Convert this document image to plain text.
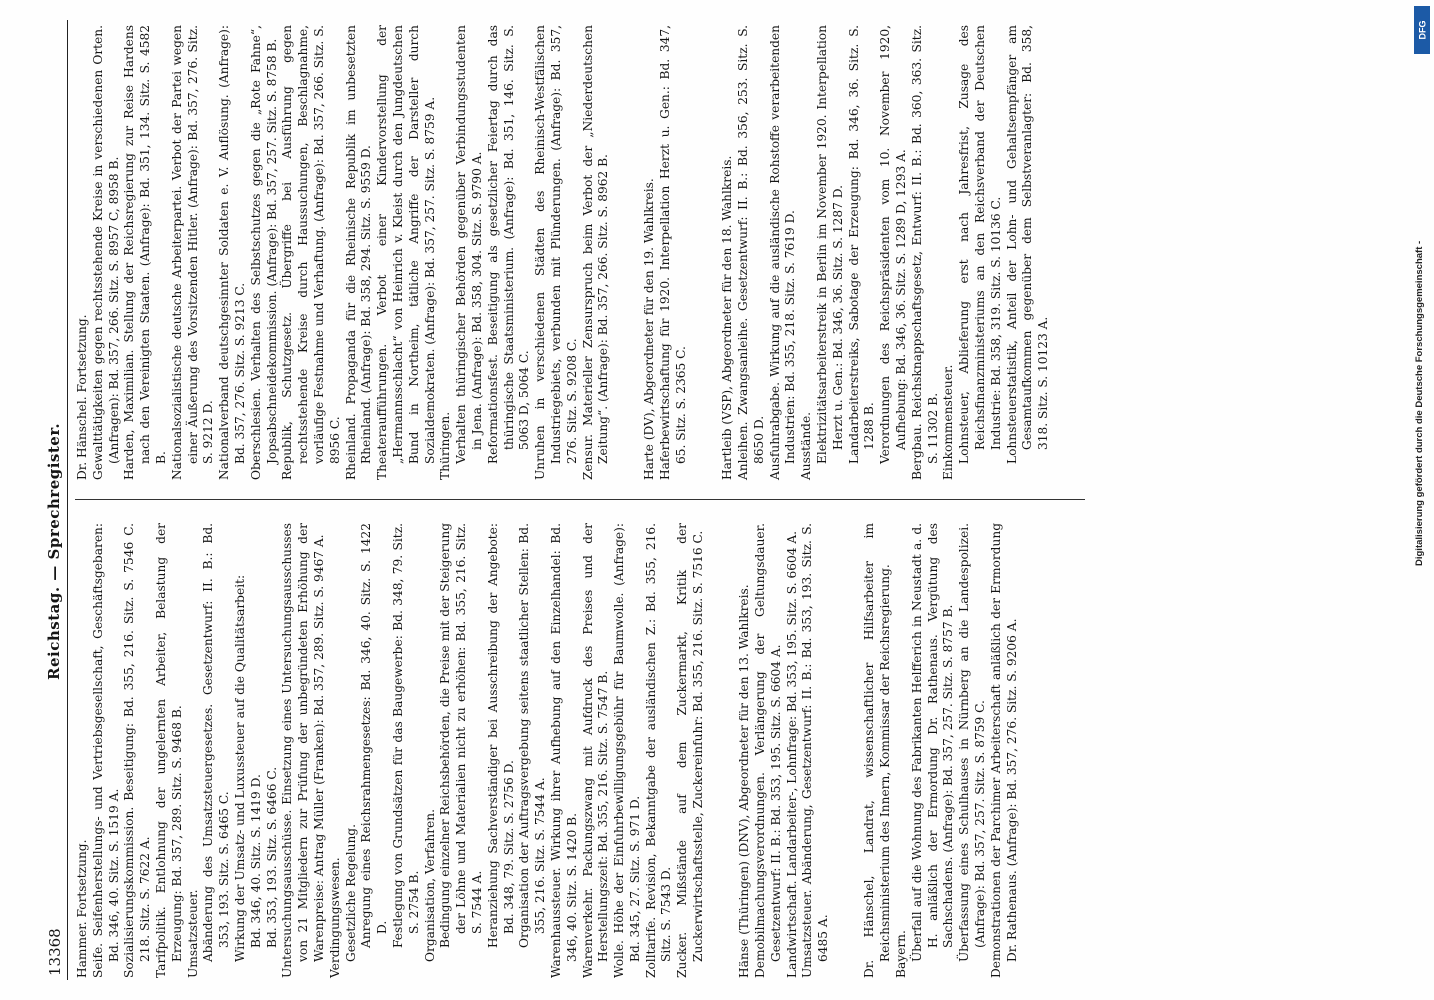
13368
Reichstag. — Sprechregister.

Hammer. Fortsetzung. Seife. Seifenherstellungs- und Vertriebsgesellschaft, Geschäftsgebaren: Bd. 346, 40. Sitz. S. 1519 A. Sozialisierungskommission. Beseitigung: Bd. 355, 216. Sitz. S. 7546 C. 218. Sitz. S. 7622 A. Tarifpolitik. Entlohnung der ungelernten Arbeiter, Belastung der Erzeugung: Bd. 357, 289. Sitz. S. 9468 B. Umsatzsteuer. Abänderung des Umsatzsteuergesetzes. Gesetzentwurf: II. B.: Bd. 353, 193. Sitz. S. 6465 C. Wirkung der Umsatz- und Luxussteuer auf die Qualitätsarbeit: Bd. 346, 40. Sitz. S. 1419 D. Bd. 353, 193. Sitz. S. 6466 C. Untersuchungsausschüsse. Einsetzung eines Untersuchungsausschusses von 21 Mitgliedern zur Prüfung der unbegründeten Erhöhung der Warenpreise: Antrag Müller (Franken): Bd. 357, 289. Sitz. S. 9467 A. Verdingungswesen. Gesetzliche Regelung. Anregung eines Reichsrahmengesetzes: Bd. 346, 40. Sitz. S. 1422 D. Festlegung von Grundsätzen für das Baugewerbe: Bd. 348, 79. Sitz. S. 2754 B. Organisation, Verfahren. Bedingung einzelner Reichsbehörden, die Preise mit der Steigerung der Löhne und Materialien nicht zu erhöhen: Bd. 355, 216. Sitz. S. 7544 A. Heranziehung Sachverständiger bei Ausschreibung der Angebote: Bd. 348, 79. Sitz. S. 2756 D. Organisation der Auftragsvergebung seitens staatlicher Stellen: Bd. 355, 216. Sitz. S. 7544 A. Warenhaussteuer. Wirkung ihrer Aufhebung auf den Einzelhandel: Bd. 346, 40. Sitz. S. 1420 B. Warenverkehr. Packungszwang mit Aufdruck des Preises und der Herstellungszeit: Bd. 355, 216. Sitz. S. 7547 B. Wolle. Höhe der Einfuhrbewilligungsgebühr für Baumwolle. (Anfrage): Bd. 345, 27. Sitz. S. 971 D. Zolltarife. Revision, Bekanntgabe der ausländischen Z.: Bd. 355, 216. Sitz. S. 7543 D. Zucker. Mißstände auf dem Zuckermarkt, Kritik der Zuckerwirtschaftsstelle, Zuckereinfuhr: Bd. 355, 216. Sitz. S. 7516 C.	Hänse (Thüringen) (DNV), Abgeordneter für den 13. Wahlkreis. Demobilmachungsverordnungen. Verlängerung der Geltungsdauer. Gesetzentwurf: II. B.: Bd. 353, 195. Sitz. S. 6604 A. Landwirtschaft. Landarbeiter-, Lohnfrage: Bd. 353, 195. Sitz. S. 6604 A. Umsatzsteuer. Abänderung, Gesetzentwurf: II. B.: Bd. 353, 193. Sitz. S. 6485 A.	Dr. Hänschel, Landrat, wissenschaftlicher Hilfsarbeiter im Reichsministerium des Innern, Kommissar der Reichsregierung. Bayern. Überfall auf die Wohnung des Fabrikanten Helfferich in Neustadt a. d. H. anläßlich der Ermordung Dr. Rathenaus. Vergütung des Sachschadens. (Anfrage): Bd. 357, 257. Sitz. S. 8757 B. Überfassung eines Schulhauses in Nürnberg an die Landespolizei. (Anfrage): Bd. 357, 257. Sitz. S. 8759 C. Demonstrationen der Parchimer Arbeiterschaft anläßlich der Ermordung Dr. Rathenaus. (Anfrage): Bd. 357, 276. Sitz. S. 9206 A.

Dr. Hänschel. Fortsetzung. Gewalttätigkeiten gegen rechtsstehende Kreise in verschiedenen Orten. (Anfragen): Bd. 357, 266. Sitz. S. 8957 C, 8958 B. Harden, Maximilian. Stellung der Reichsregierung zur Reise Hardens nach den Vereinigten Staaten. (Anfrage): Bd. 351, 134. Sitz. S. 4582 B. Nationalsozialistische deutsche Arbeiterpartei. Verbot der Partei wegen einer Äußerung des Vorsitzenden Hitler. (Anfrage): Bd. 357, 276. Sitz. S. 9212 D. Nationalverband deutschgesinnter Soldaten e. V. Auflösung. (Anfrage): Bd. 357, 276. Sitz. S. 9213 C. Oberschlesien. Verhalten des Selbstschutzes gegen die „Rote Fahne“, Jopsabschneidekommission. (Anfrage): Bd. 357, 257. Sitz. S. 8758 B. Republik, Schutzgesetz. Übergriffe bei Ausführung gegen rechtsstehende Kreise durch Haussuchungen, Beschlagnahme, vorläufige Festnahme und Verhaftung. (Anfrage): Bd. 357, 266. Sitz. S. 8956 C. Rheinland. Propaganda für die Rheinische Republik im unbesetzten Rheinland. (Anfrage): Bd. 358, 294. Sitz. S. 9559 D. Theateraufführungen. Verbot einer Kindervorstellung der „Hermannsschlacht“ von Heinrich v. Kleist durch den Jungdeutschen Bund in Northeim, tätliche Angriffe der Darsteller durch Sozialdemokraten. (Anfrage): Bd. 357, 257. Sitz. S. 8759 A. Thüringen. Verhalten thüringischer Behörden gegenüber Verbindungsstudenten in Jena. (Anfrage): Bd. 358, 304. Sitz. S. 9790 A. Reformationsfest. Beseitigung als gesetzlicher Feiertag durch das thüringische Staatsministerium. (Anfrage): Bd. 351, 146. Sitz. S. 5063 D, 5064 C. Unruhen in verschiedenen Städten des Rheinisch-Westfälischen Industriegebiets, verbunden mit Plünderungen. (Anfrage): Bd. 357, 276. Sitz. S. 9208 C. Zensur. Materieller Zensurspruch beim Verbot der „Niederdeutschen Zeitung“. (Anfrage): Bd. 357, 266. Sitz. S. 8962 B.	Harte (DV), Abgeordneter für den 19. Wahlkreis. Haferbewirtschaftung für 1920. Interpellation Herzt u. Gen.: Bd. 347, 65. Sitz. S. 2365 C.	Hartleib (VSP), Abgeordneter für den 18. Wahlkreis. Anleihen. Zwangsanleihe. Gesetzentwurf: II. B.: Bd. 356, 253. Sitz. S. 8650 D. Ausfuhrabgabe. Wirkung auf die ausländische Rohstoffe verarbeitenden Industrien: Bd. 355, 218. Sitz. S. 7619 D. Ausstände. Elektrizitätsarbeiterstreik in Berlin im November 1920. Interpellation Herzt u. Gen.: Bd. 346, 36. Sitz. S. 1287 D. Landarbeiterstreiks, Sabotage der Erzeugung: Bd. 346, 36. Sitz. S. 1288 B. Verordnungen des Reichspräsidenten vom 10. November 1920, Aufhebung: Bd. 346, 36. Sitz. S. 1289 D, 1293 A. Bergbau. Reichsknappschaftsgesetz, Entwurf: II. B.: Bd. 360, 363. Sitz. S. 11302 B. Einkommensteuer. Lohnsteuer, Ablieferung erst nach Jahresfrist, Zusage des Reichsfinanzministeriums an den Reichsverband der Deutschen Industrie: Bd. 358, 319. Sitz. S. 10136 C. Lohnsteuerstatistik, Anteil der Lohn- und Gehaltsempfänger am Gesamtaufkommen gegenüber dem Selbstveranlagter: Bd. 358, 318. Sitz. S. 10123 A.

DFG
Digitalisierung gefördert durch die Deutsche Forschungsgemeinschaft -
